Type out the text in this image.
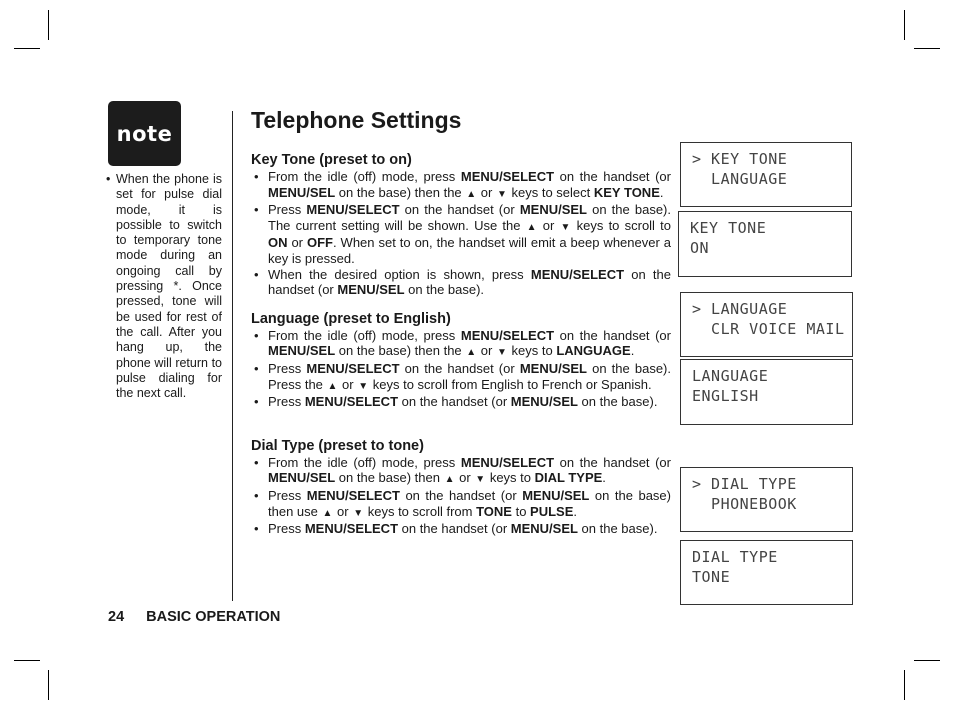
note
• When the phone is set for pulse dial mode, it is possible to switch to temporary tone mode during an ongoing call by pressing *. Once pressed, tone will be used for rest of the call. After you hang up, the phone will return to pulse dialing for the next call.

Telephone Settings
Key Tone (preset to on)
• From the idle (off) mode, press MENU/SELECT on the handset (or MENU/SEL on the base) then the ▲ or ▼ keys to select KEY TONE.
• Press MENU/SELECT on the handset (or MENU/SEL on the base). The current setting will be shown. Use the ▲ or ▼ keys to scroll to ON or OFF. When set to on, the handset will emit a beep whenever a key is pressed.
• When the desired option is shown, press MENU/SELECT on the handset (or MENU/SEL on the base).
Language (preset to English)
• From the idle (off) mode, press MENU/SELECT on the handset (or MENU/SEL on the base) then the ▲ or ▼ keys to LANGUAGE.
• Press MENU/SELECT on the handset (or MENU/SEL on the base). Press the ▲ or ▼ keys to scroll from English to French or Spanish.
• Press MENU/SELECT on the handset (or MENU/SEL on the base).
Dial Type (preset to tone)
• From the idle (off) mode, press MENU/SELECT on the handset (or MENU/SEL on the base) then ▲ or ▼ keys to DIAL TYPE.
• Press MENU/SELECT on the handset (or MENU/SEL on the base) then use ▲ or ▼ keys to scroll from TONE to PULSE.
• Press MENU/SELECT on the handset (or MENU/SEL on the base).
> KEY TONE
LANGUAGE
KEY TONE
ON
> LANGUAGE
CLR VOICE MAIL
LANGUAGE
ENGLISH
> DIAL TYPE
PHONEBOOK
DIAL TYPE
TONE
24 BASIC OPERATION
